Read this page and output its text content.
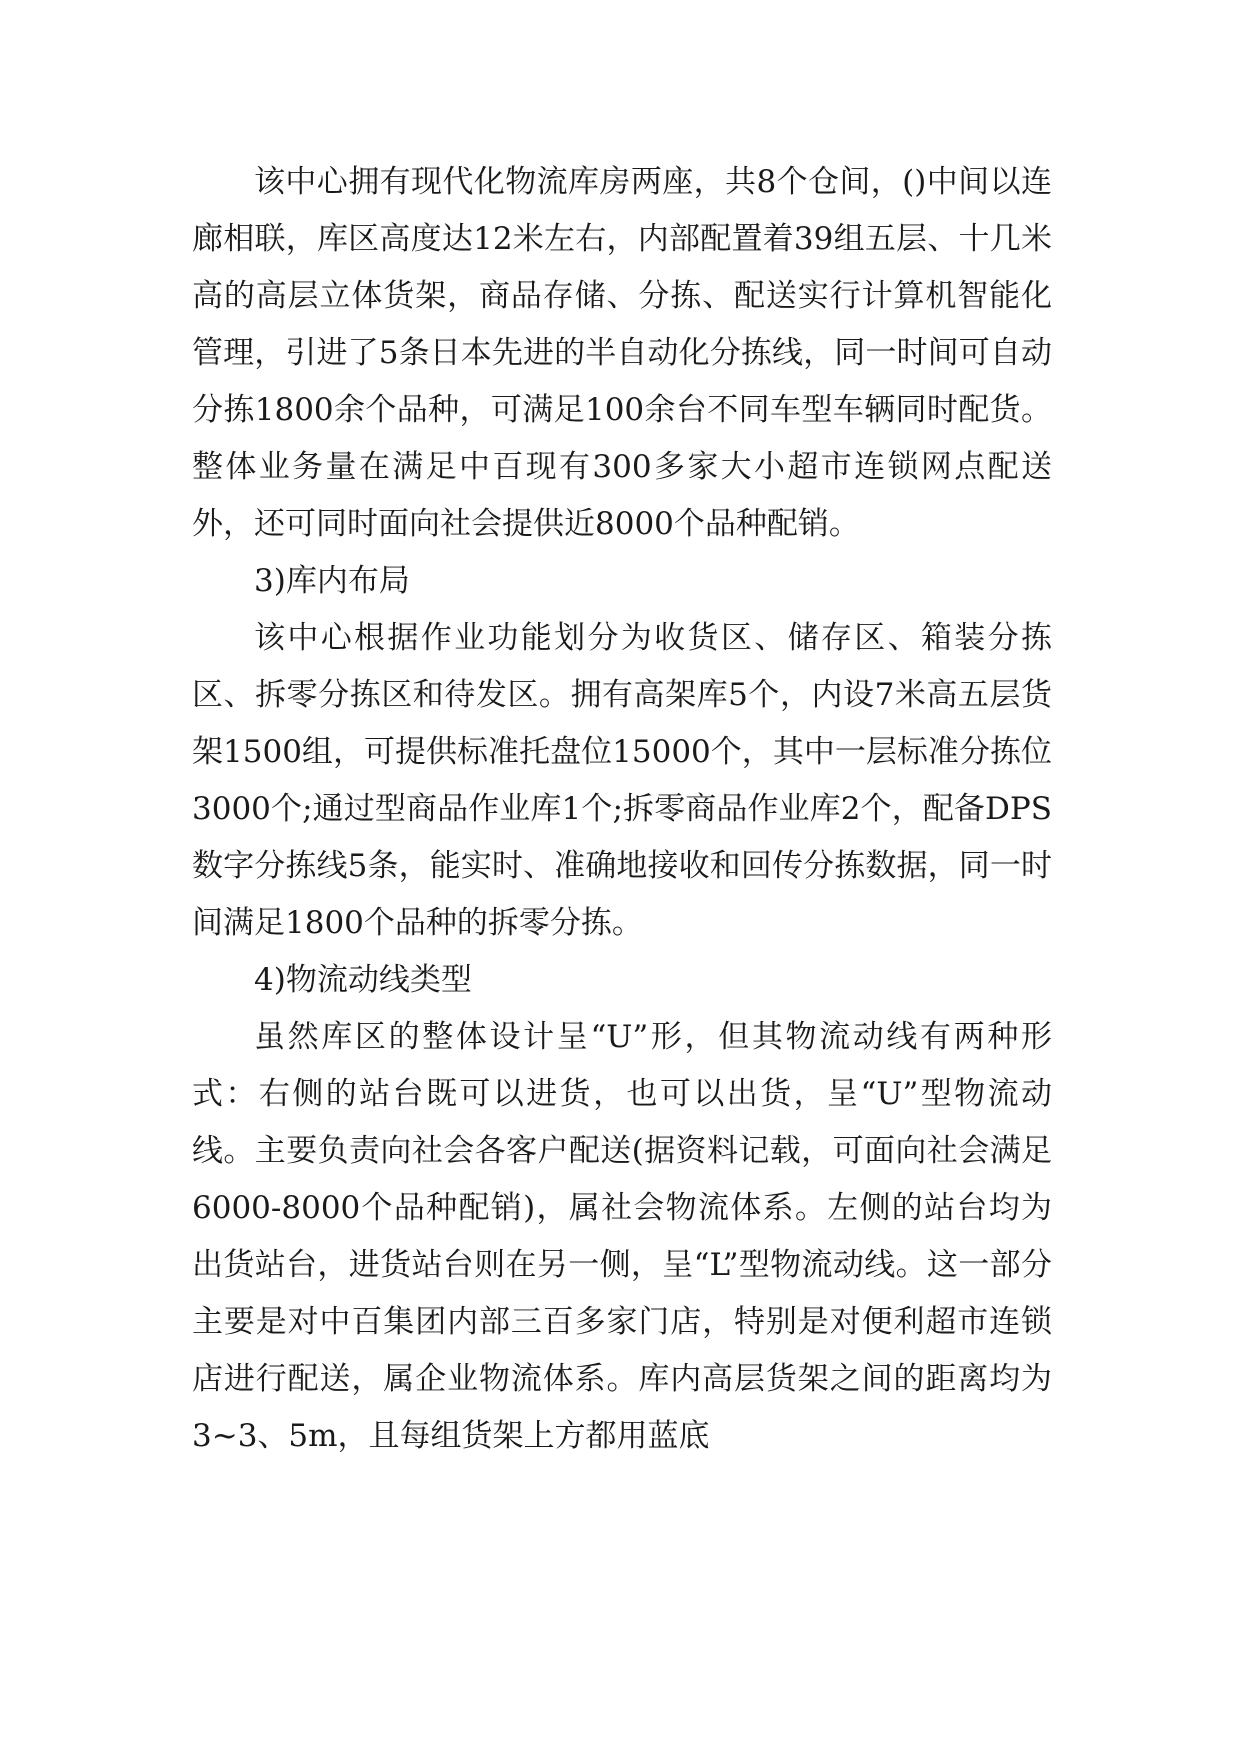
该中心拥有现代化物流库房两座，共8个仓间，()中间以连廊相联，库区高度达12米左右，内部配置着39组五层、十几米高的高层立体货架，商品存储、分拣、配送实行计算机智能化管理，引进了5条日本先进的半自动化分拣线，同一时间可自动分拣1800余个品种，可满足100余台不同车型车辆同时配货。整体业务量在满足中百现有300多家大小超市连锁网点配送外，还可同时面向社会提供近8000个品种配销。

3)库内布局

该中心根据作业功能划分为收货区、储存区、箱装分拣区、拆零分拣区和待发区。拥有高架库5个，内设7米高五层货架1500组，可提供标准托盘位15000个，其中一层标准分拣位3000个;通过型商品作业库1个;拆零商品作业库2个，配备DPS数字分拣线5条，能实时、准确地接收和回传分拣数据，同一时间满足1800个品种的拆零分拣。

4)物流动线类型

虽然库区的整体设计呈“U”形，但其物流动线有两种形式：右侧的站台既可以进货，也可以出货，呈“U”型物流动线。主要负责向社会各客户配送(据资料记载，可面向社会满足6000-8000个品种配销)，属社会物流体系。左侧的站台均为出货站台，进货站台则在另一侧，呈“L”型物流动线。这一部分主要是对中百集团内部三百多家门店，特别是对便利超市连锁店进行配送，属企业物流体系。库内高层货架之间的距离均为3~3、5m，且每组货架上方都用蓝底
